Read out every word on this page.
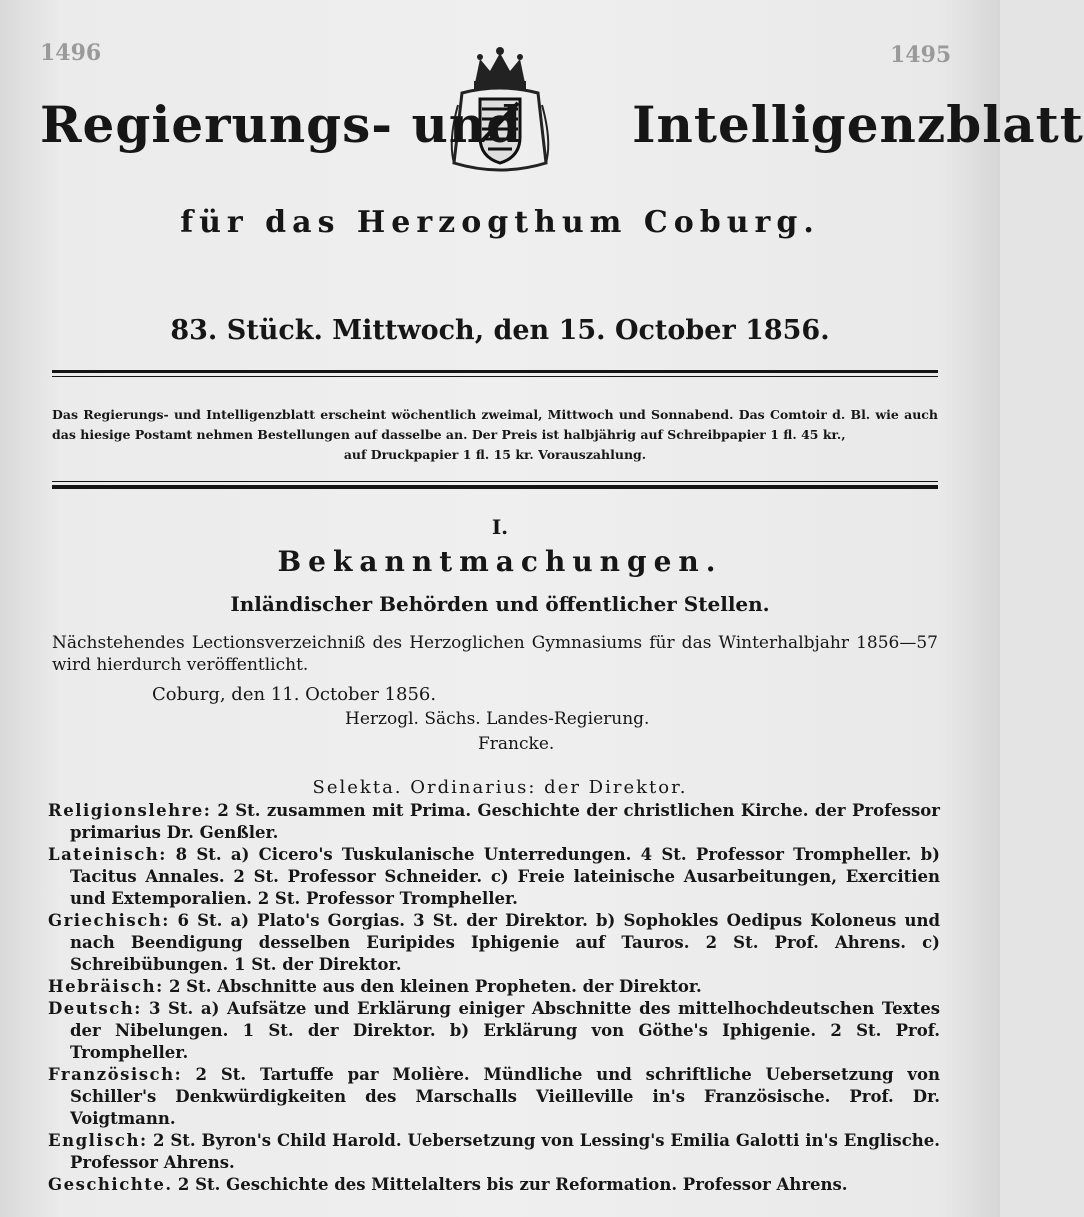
1496	1495
Regierungs- und Intelligenzblatt
für das Herzogthum Coburg.
83. Stück. Mittwoch, den 15. October 1856.
Das Regierungs- und Intelligenzblatt erscheint wöchentlich zweimal, Mittwoch und Sonnabend. Das Comtoir d. Bl. wie auch das hiesige Postamt nehmen Bestellungen auf dasselbe an. Der Preis ist halbjährig auf Schreibpapier 1 fl. 45 kr.,
auf Druckpapier 1 fl. 15 kr. Vorauszahlung.
I.
Bekanntmachungen.
Inländischer Behörden und öffentlicher Stellen.
Nächstehendes Lectionsverzeichniß des Herzoglichen Gymnasiums für das Winterhalbjahr 1856—57 wird hierdurch veröffentlicht.
Coburg, den 11. October 1856.
Herzogl. Sächs. Landes-Regierung.
Francke.
Selekta. Ordinarius: der Direktor.
Religionslehre: 2 St. zusammen mit Prima. Geschichte der christlichen Kirche. der Professor primarius Dr. Genßler.
Lateinisch: 8 St. a) Cicero's Tuskulanische Unterredungen. 4 St. Professor Trompheller. b) Tacitus Annales. 2 St. Professor Schneider. c) Freie lateinische Ausarbeitungen, Exercitien und Extemporalien. 2 St. Professor Trompheller.
Griechisch: 6 St. a) Plato's Gorgias. 3 St. der Direktor. b) Sophokles Oedipus Koloneus und nach Beendigung desselben Euripides Iphigenie auf Tauros. 2 St. Prof. Ahrens. c) Schreibübungen. 1 St. der Direktor.
Hebräisch: 2 St. Abschnitte aus den kleinen Propheten. der Direktor.
Deutsch: 3 St. a) Aufsätze und Erklärung einiger Abschnitte des mittelhochdeutschen Textes der Nibelungen. 1 St. der Direktor. b) Erklärung von Göthe's Iphigenie. 2 St. Prof. Trompheller.
Französisch: 2 St. Tartuffe par Molière. Mündliche und schriftliche Uebersetzung von Schiller's Denkwürdigkeiten des Marschalls Vieilleville in's Französische. Prof. Dr. Voigtmann.
Englisch: 2 St. Byron's Child Harold. Uebersetzung von Lessing's Emilia Galotti in's Englische. Professor Ahrens.
Geschichte. 2 St. Geschichte des Mittelalters bis zur Reformation. Professor Ahrens.
